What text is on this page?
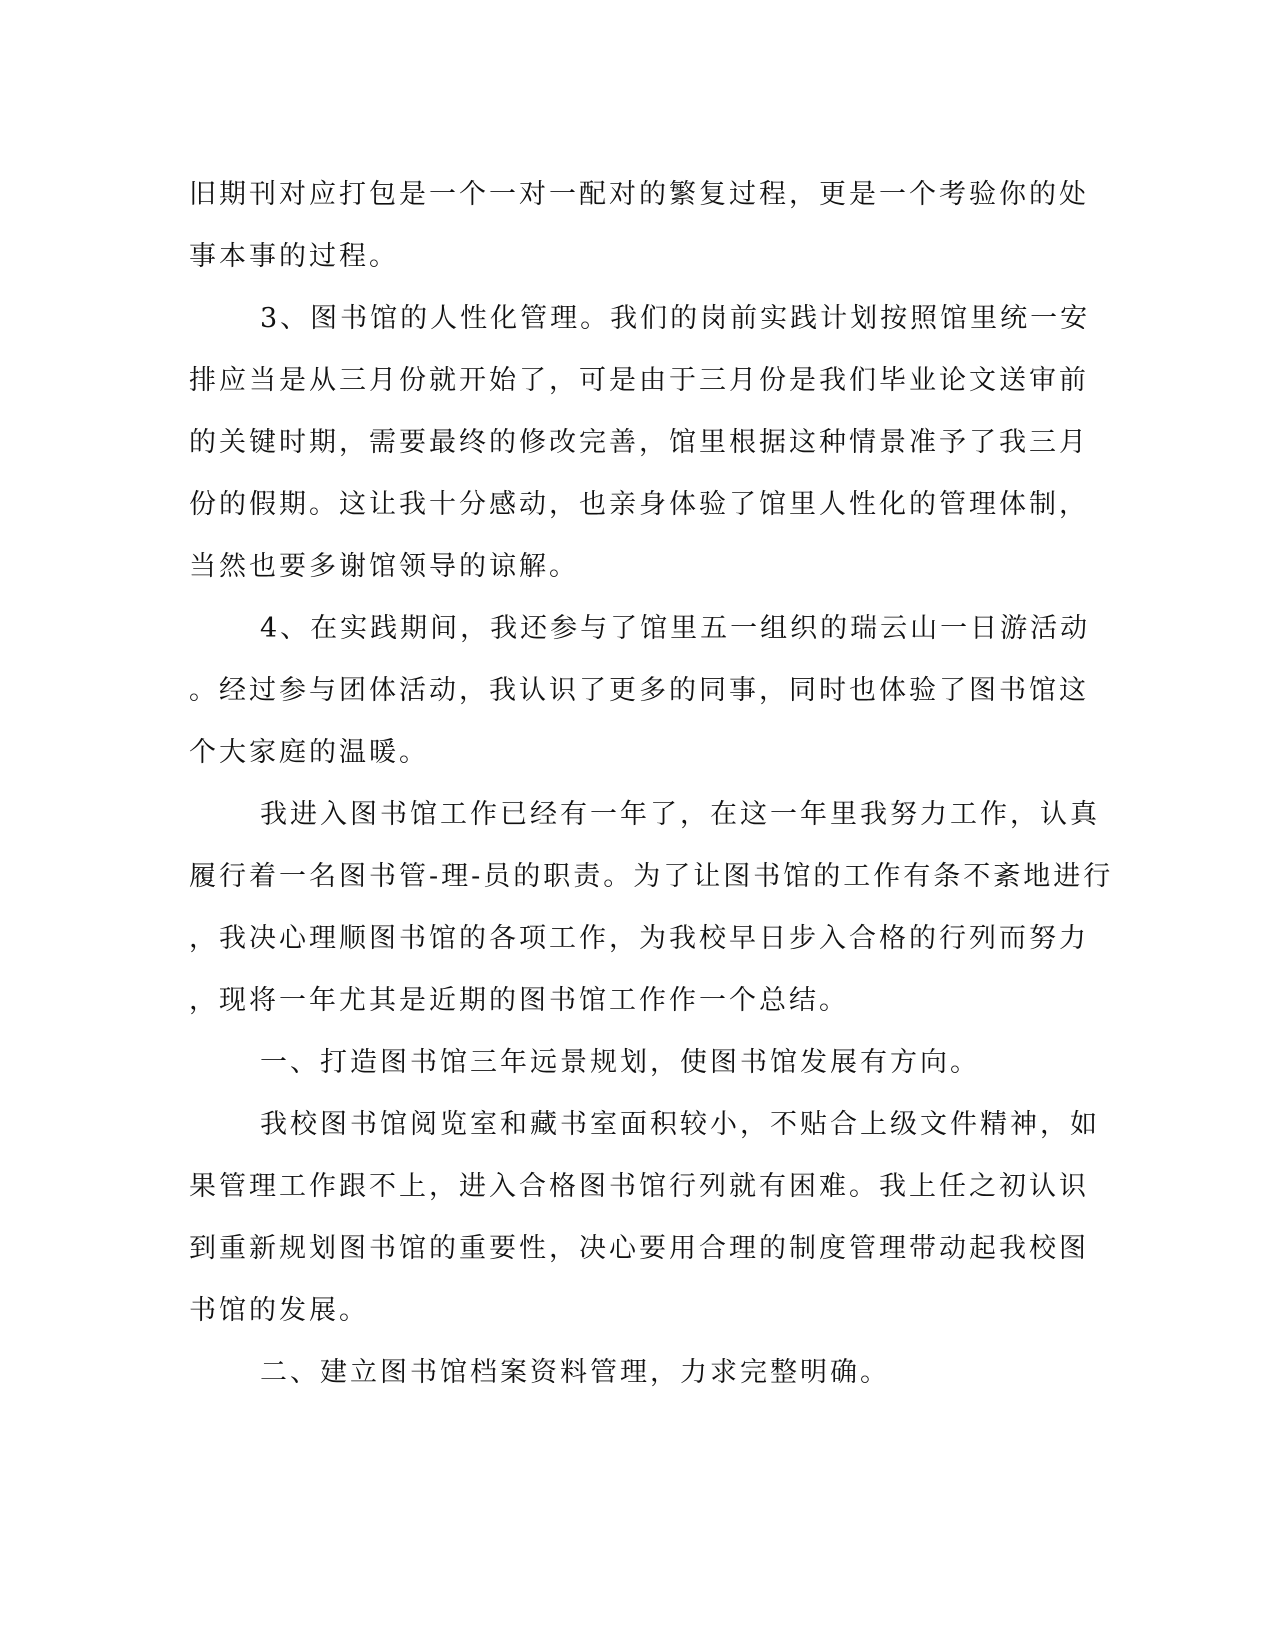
旧期刊对应打包是一个一对一配对的繁复过程，更是一个考验你的处
事本事的过程。

3、图书馆的人性化管理。我们的岗前实践计划按照馆里统一安
排应当是从三月份就开始了，可是由于三月份是我们毕业论文送审前
的关键时期，需要最终的修改完善，馆里根据这种情景准予了我三月
份的假期。这让我十分感动，也亲身体验了馆里人性化的管理体制，
当然也要多谢馆领导的谅解。

4、在实践期间，我还参与了馆里五一组织的瑞云山一日游活动
。经过参与团体活动，我认识了更多的同事，同时也体验了图书馆这
个大家庭的温暖。

我进入图书馆工作已经有一年了，在这一年里我努力工作，认真
履行着一名图书管-理-员的职责。为了让图书馆的工作有条不紊地进行
，我决心理顺图书馆的各项工作，为我校早日步入合格的行列而努力
，现将一年尤其是近期的图书馆工作作一个总结。

一、打造图书馆三年远景规划，使图书馆发展有方向。

我校图书馆阅览室和藏书室面积较小，不贴合上级文件精神，如
果管理工作跟不上，进入合格图书馆行列就有困难。我上任之初认识
到重新规划图书馆的重要性，决心要用合理的制度管理带动起我校图
书馆的发展。

二、建立图书馆档案资料管理，力求完整明确。
